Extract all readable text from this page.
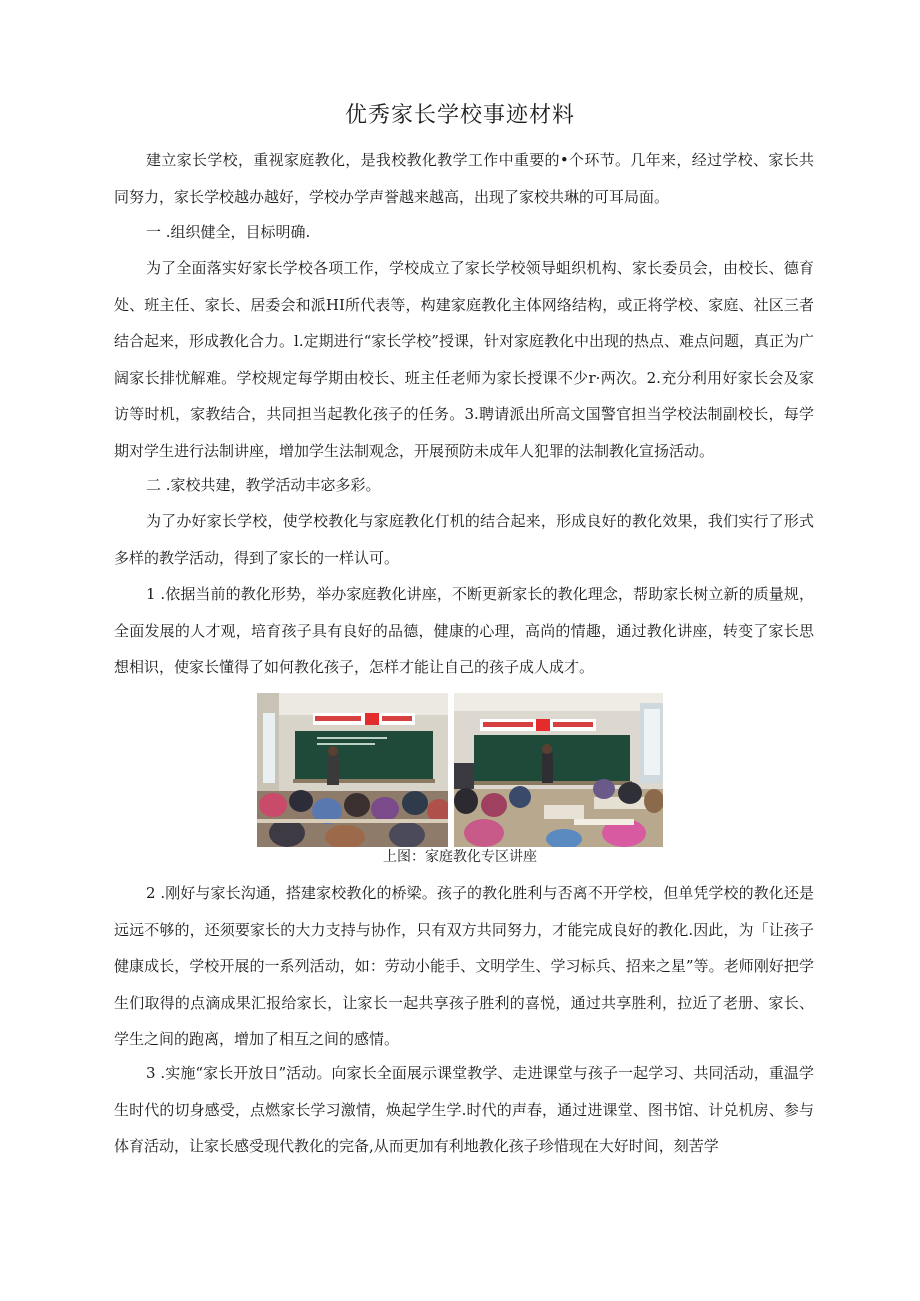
优秀家长学校事迹材料

建立家长学校，重视家庭教化，是我校教化教学工作中重要的•个环节。几年来，经过学校、家长共同努力，家长学校越办越好，学校办学声誉越来越高，出现了家校共琳的可耳局面。

一 .组织健全，目标明确.

为了全面落实好家长学校各项工作，学校成立了家长学校领导蛆织机构、家长委员会，由校长、德育处、班主任、家长、居委会和派HI所代表等，构建家庭教化主体网络结构，或正将学校、家庭、社区三者结合起来，形成教化合力。l.定期进行“家长学校”授课，针对家庭教化中出现的热点、难点问题，真正为广阔家长排忧解难。学校规定每学期由校长、班主任老师为家长授课不少r·两次。2.充分利用好家长会及家访等时机，家教结合，共同担当起教化孩子的任务。3.聘请派出所高文国警官担当学校法制副校长，每学期对学生进行法制讲座，增加学生法制观念，开展预防未成年人犯罪的法制教化宣扬活动。

二 .家校共建，教学活动丰宓多彩。

为了办好家长学校，使学校教化与家庭教化仃机的结合起来，形成良好的教化效果，我们实行了形式多样的教学活动，得到了家长的一样认可。

1 .依据当前的教化形势，举办家庭教化讲座，不断更新家长的教化理念，帮助家长树立新的质量规，全面发展的人才观，培育孩子具有良好的品德，健康的心理，高尚的情趣，通过教化讲座，转变了家长思想相识，使家长懂得了如何教化孩子，怎样才能让自己的孩子成人成才。

上图：家庭教化专区讲座

2 .刚好与家长沟通，搭建家校教化的桥梁。孩子的教化胜利与否离不开学校，但单凭学校的教化还是远远不够的，还须要家长的大力支持与协作，只有双方共同努力，才能完成良好的教化.因此，为「让孩子健康成长，学校开展的一系列活动，如：劳动小能手、文明学生、学习标兵、招来之星”等。老师刚好把学生们取得的点滴成果汇报给家长，让家长一起共享孩子胜利的喜悦，通过共享胜利，拉近了老册、家长、学生之间的跑离，增加了相互之间的感情。

3 .实施“家长开放日”活动。向家长全面展示课堂教学、走进课堂与孩子一起学习、共同活动，重温学生时代的切身感受，点燃家长学习激情，焕起学生学.时代的声春，通过进课堂、图书馆、计兑机房、参与体育活动，让家长感受现代教化的完备,从而更加有利地教化孩子珍惜现在大好时间，刻苦学
